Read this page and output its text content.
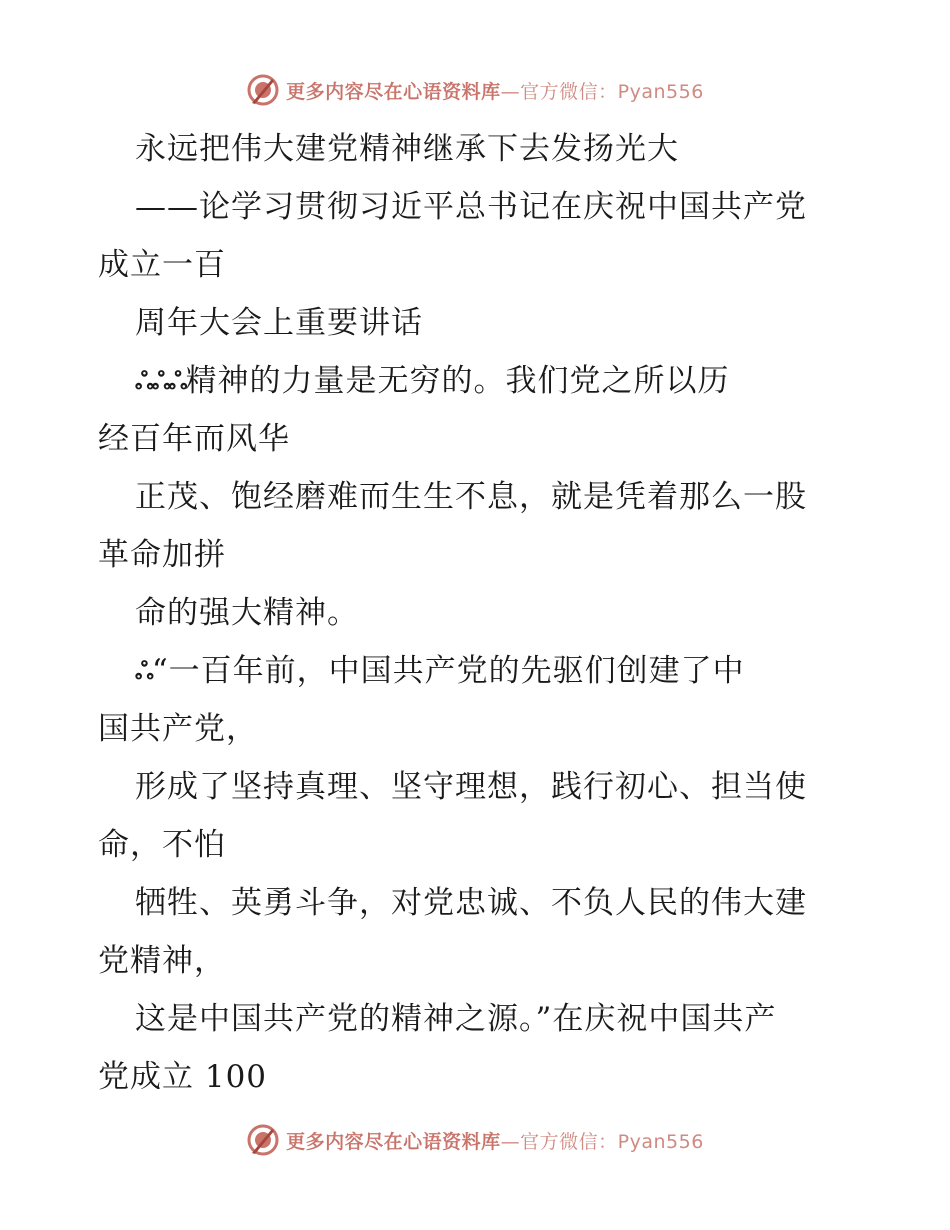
更多内容尽在心语资料库—官方微信：Pyan556
永远把伟大建党精神继承下去发扬光大
——论学习贯彻习近平总书记在庆祝中国共产党
成立一百
周年大会上重要讲话
ஃஃஃ精神的力量是无穷的。我们党之所以历
经百年而风华
正茂、饱经磨难而生生不息，就是凭着那么一股
革命加拼
命的强大精神。
ஃ“一百年前，中国共产党的先驱们创建了中
国共产党，
形成了坚持真理、坚守理想，践行初心、担当使
命，不怕
牺牲、英勇斗争，对党忠诚、不负人民的伟大建
党精神，
这是中国共产党的精神之源。”在庆祝中国共产
党成立 100
更多内容尽在心语资料库—官方微信：Pyan556
